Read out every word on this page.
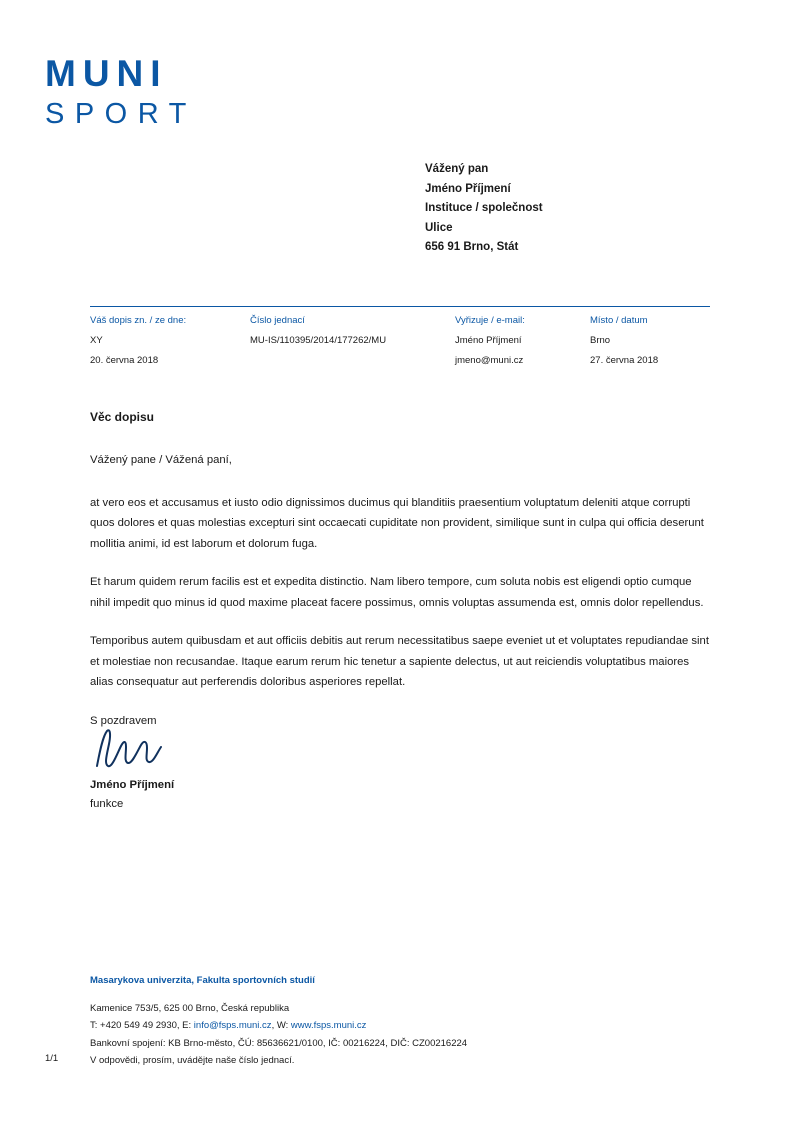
MUNI
SPORT
Vážený pan
Jméno Příjmení
Instituce / společnost
Ulice
656 91 Brno, Stát
Váš dopis zn. / ze dne:
XY
20. června 2018
Číslo jednací
MU-IS/110395/2014/177262/MU
Vyřizuje / e-mail:
Jméno Příjmení
jmeno@muni.cz
Místo / datum
Brno
27. června 2018
Věc dopisu

Vážený pane / Vážená paní,

at vero eos et accusamus et iusto odio dignissimos ducimus qui blanditiis praesentium voluptatum deleniti atque corrupti quos dolores et quas molestias excepturi sint occaecati cupiditate non provident, similique sunt in culpa qui officia deserunt mollitia animi, id est laborum et dolorum fuga.

Et harum quidem rerum facilis est et expedita distinctio. Nam libero tempore, cum soluta nobis est eligendi optio cumque nihil impedit quo minus id quod maxime placeat facere possimus, omnis voluptas assumenda est, omnis dolor repellendus.

Temporibus autem quibusdam et aut officiis debitis aut rerum necessitatibus saepe eveniet ut et voluptates repudiandae sint et molestiae non recusandae. Itaque earum rerum hic tenetur a sapiente delectus, ut aut reiciendis voluptatibus maiores alias consequatur aut perferendis doloribus asperiores repellat.

S pozdravem

Jméno Příjmení
funkce
Masarykova univerzita, Fakulta sportovních studií
Kamenice 753/5, 625 00 Brno, Česká republika
T: +420 549 49 2930, E: info@fsps.muni.cz, W: www.fsps.muni.cz
Bankovní spojení: KB Brno-město, ČÚ: 85636621/0100, IČ: 00216224, DIČ: CZ00216224
V odpovědi, prosím, uvádějte naše číslo jednací.
1/1
